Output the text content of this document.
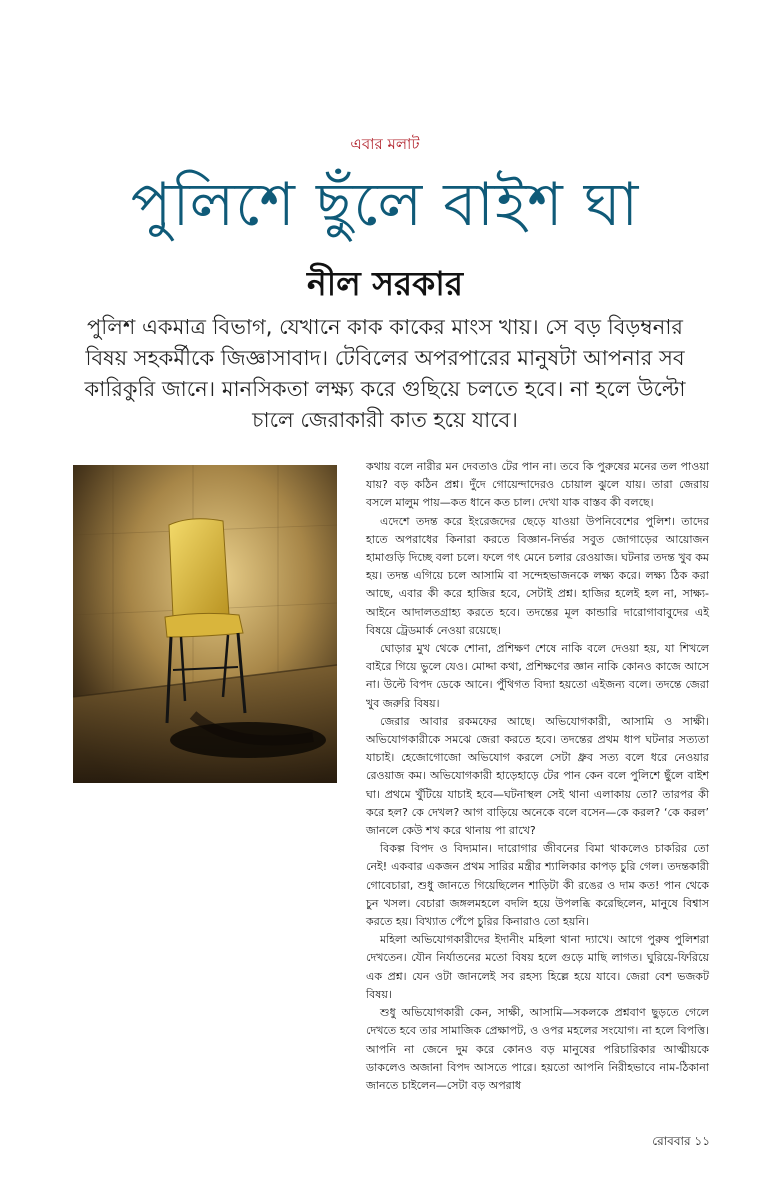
এবার মলাট
পুলিশে ছুঁলে বাইশ ঘা
নীল সরকার
পুলিশ একমাত্র বিভাগ, যেখানে কাক কাকের মাংস খায়। সে বড় বিড়ম্বনার বিষয় সহকর্মীকে জিজ্ঞাসাবাদ। টেবিলের অপরপারের মানুষটা আপনার সব কারিকুরি জানে। মানসিকতা লক্ষ্য করে গুছিয়ে চলতে হবে। না হলে উল্টো চালে জেরাকারী কাত হয়ে যাবে।

কথায় বলে নারীর মন দেবতাও টের পান না। তবে কি পুরুষের মনের তল পাওয়া যায়? বড় কঠিন প্রশ্ন। দুঁদে গোয়েন্দাদেরও চোয়াল ঝুলে যায়। তারা জেরায় বসলে মালুম পায়—কত ধানে কত চাল। দেখা যাক বাস্তব কী বলছে।

এদেশে তদন্ত করে ইংরেজদের ছেড়ে যাওয়া উপনিবেশের পুলিশ। তাদের হাতে অপরাধের কিনারা করতে বিজ্ঞান-নির্ভর সবুত জোগাড়ের আয়োজন হামাগুড়ি দিচ্ছে বলা চলে। ফলে গৎ মেনে চলার রেওয়াজ। ঘটনার তদন্ত খুব কম হয়। তদন্ত এগিয়ে চলে আসামি বা সন্দেহভাজনকে লক্ষ্য করে। লক্ষ্য ঠিক করা আছে, এবার কী করে হাজির হবে, সেটাই প্রশ্ন। হাজির হলেই হল না, সাক্ষ্য-আইনে আদালতগ্রাহ্য করতে হবে। তদন্তের মূল কান্ডারি দারোগাবাবুদের এই বিষয়ে ট্রেডমার্ক নেওয়া রয়েছে।

ঘোড়ার মুখ থেকে শোনা, প্রশিক্ষণ শেষে নাকি বলে দেওয়া হয়, যা শিখলে বাইরে গিয়ে ভুলে যেও। মোদ্দা কথা, প্রশিক্ষণের জ্ঞান নাকি কোনও কাজে আসে না। উল্টে বিপদ ডেকে আনে। পুঁথিগত বিদ্যা হয়তো এইজন্য বলে। তদন্তে জেরা খুব জরুরি বিষয়।

জেরার আবার রকমফের আছে। অভিযোগকারী, আসামি ও সাক্ষী। অভিযোগকারীকে সমঝে জেরা করতে হবে। তদন্তের প্রথম ধাপ ঘটনার সত্যতা যাচাই। হেজোগোজো অভিযোগ করলে সেটা ধ্রুব সত্য বলে ধরে নেওয়ার রেওয়াজ কম। অভিযোগকারী হাড়েহাড়ে টের পান কেন বলে পুলিশে ছুঁলে বাইশ ঘা। প্রথমে খুঁটিয়ে যাচাই হবে—ঘটনাস্থল সেই থানা এলাকায় তো? তারপর কী করে হল? কে দেখল? আগ বাড়িয়ে অনেকে বলে বসেন—কে করল? ‘কে করল’ জানলে কেউ শখ করে থানায় পা রাখে?

বিকল্প বিপদ ও বিদ্যমান। দারোগার জীবনের বিমা থাকলেও চাকরির তো নেই! একবার একজন প্রথম সারির মন্ত্রীর শ্যালিকার কাপড় চুরি গেল। তদন্তকারী গোবেচারা, শুধু জানতে গিয়েছিলেন শাড়িটা কী রঙের ও দাম কত! পান থেকে চুন খসল। বেচারা জঙ্গলমহলে বদলি হয়ে উপলব্ধি করেছিলেন, মানুষে বিশ্বাস করতে হয়। বিখ্যাত পেঁপে চুরির কিনারাও তো হয়নি।

মহিলা অভিযোগকারীদের ইদানীং মহিলা থানা দ্যাখে। আগে পুরুষ পুলিশরা দেখতেন। যৌন নির্যাতনের মতো বিষয় হলে গুড়ে মাছি লাগত। ঘুরিয়ে-ফিরিয়ে এক প্রশ্ন। যেন ওটা জানলেই সব রহস্য হিল্লে হয়ে যাবে। জেরা বেশ ভজকট বিষয়।

শুধু অভিযোগকারী কেন, সাক্ষী, আসামি—সকলকে প্রশ্নবাণ ছুড়তে গেলে দেখতে হবে তার সামাজিক প্রেক্ষাপট, ও ওপর মহলের সংযোগ। না হলে বিপত্তি। আপনি না জেনে দুম করে কোনও বড় মানুষের পরিচারিকার আত্মীয়কে ডাকলেও অজানা বিপদ আসতে পারে। হয়তো আপনি নিরীহভাবে নাম-ঠিকানা জানতে চাইলেন—সেটা বড় অপরাধ

রোববার ১১
